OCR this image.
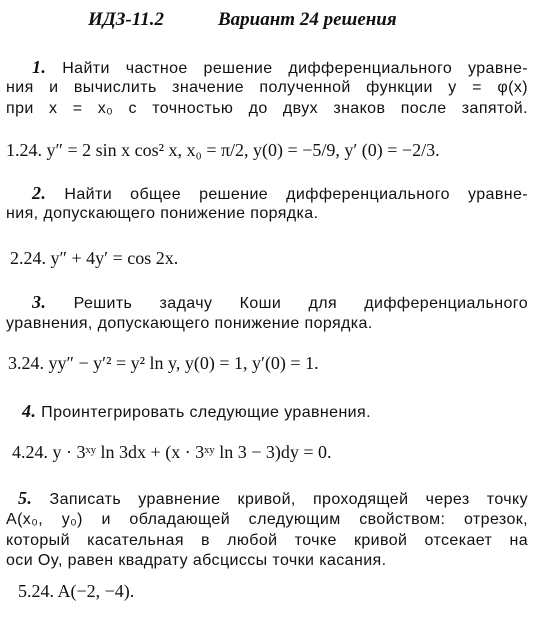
ИДЗ-11.2	Вариант 24 решения
1. Найти частное решение дифференциального уравне-
ния и вычислить значение полученной функции y = φ(x)
при x = x₀ с точностью до двух знаков после запятой.
1.24. y″ = 2 sin x cos² x, x₀ = π/2, y(0) = −5/9, y′ (0) = −2/3.
2. Найти общее решение дифференциального уравне-
ния, допускающего понижение порядка.
2.24. y″ + 4y′ = cos 2x.
3. Решить задачу Коши для дифференциального
уравнения, допускающего понижение порядка.
3.24. yy″ − y′² = y² ln y, y(0) = 1, y′(0) = 1.
4. Проинтегрировать следующие уравнения.
4.24. y · 3ˣʸ ln 3dx + (x · 3ˣʸ ln 3 − 3)dy = 0.
5. Записать уравнение кривой, проходящей через точку
A(x₀, y₀) и обладающей следующим свойством: отрезок,
который касательная в любой точке кривой отсекает на
оси Oy, равен квадрату абсциссы точки касания.
5.24. A(−2, −4).
